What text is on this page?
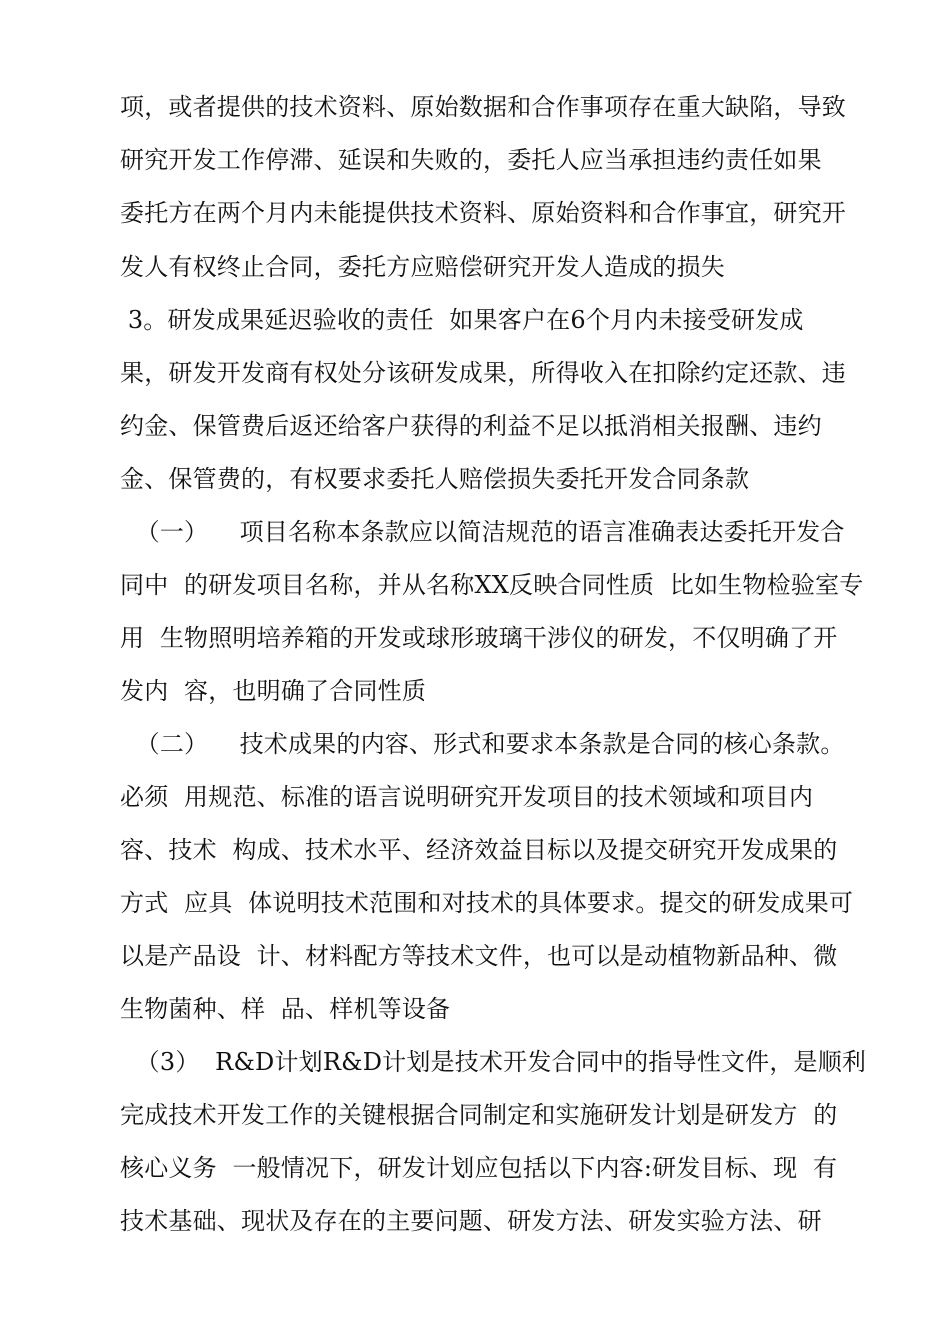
项，或者提供的技术资料、原始数据和合作事项存在重大缺陷，导致
研究开发工作停滞、延误和失败的，委托人应当承担违约责任如果
委托方在两个月内未能提供技术资料、原始资料和合作事宜，研究开
发人有权终止合同，委托方应赔偿研究开发人造成的损失
3。研发成果延迟验收的责任  如果客户在6个月内未接受研发成
果，研发开发商有权处分该研发成果，所得收入在扣除约定还款、违
约金、保管费后返还给客户获得的利益不足以抵消相关报酬、违约
金、保管费的，有权要求委托人赔偿损失委托开发合同条款
（一）    项目名称本条款应以简洁规范的语言准确表达委托开发合
同中  的研发项目名称，并从名称XX反映合同性质  比如生物检验室专
用  生物照明培养箱的开发或球形玻璃干涉仪的研发，不仅明确了开
发内  容，也明确了合同性质
（二）    技术成果的内容、形式和要求本条款是合同的核心条款。
必须  用规范、标准的语言说明研究开发项目的技术领域和项目内
容、技术  构成、技术水平、经济效益目标以及提交研究开发成果的
方式  应具  体说明技术范围和对技术的具体要求。提交的研发成果可
以是产品设  计、材料配方等技术文件，也可以是动植物新品种、微
生物菌种、样  品、样机等设备
（3）  R&D计划R&D计划是技术开发合同中的指导性文件，是顺利
完成技术开发工作的关键根据合同制定和实施研发计划是研发方  的
核心义务  一般情况下，研发计划应包括以下内容:研发目标、现  有
技术基础、现状及存在的主要问题、研发方法、研发实验方法、研
